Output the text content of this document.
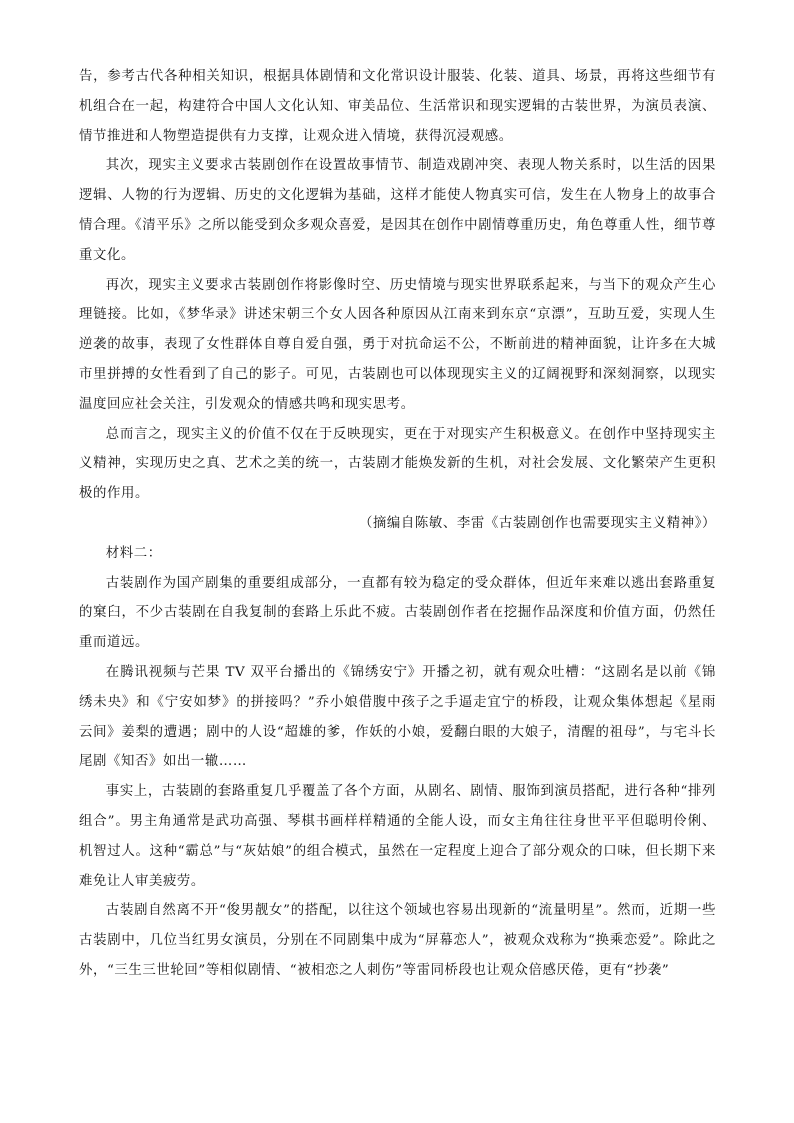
告，参考古代各种相关知识，根据具体剧情和文化常识设计服装、化装、道具、场景，再将这些细节有机组合在一起，构建符合中国人文化认知、审美品位、生活常识和现实逻辑的古装世界，为演员表演、情节推进和人物塑造提供有力支撑，让观众进入情境，获得沉浸观感。

其次，现实主义要求古装剧创作在设置故事情节、制造戏剧冲突、表现人物关系时，以生活的因果逻辑、人物的行为逻辑、历史的文化逻辑为基础，这样才能使人物真实可信，发生在人物身上的故事合情合理。《清平乐》之所以能受到众多观众喜爱，是因其在创作中剧情尊重历史，角色尊重人性，细节尊重文化。

再次，现实主义要求古装剧创作将影像时空、历史情境与现实世界联系起来，与当下的观众产生心理链接。比如，《梦华录》讲述宋朝三个女人因各种原因从江南来到东京“京漂”，互助互爱，实现人生逆袭的故事，表现了女性群体自尊自爱自强，勇于对抗命运不公，不断前进的精神面貌，让许多在大城市里拼搏的女性看到了自己的影子。可见，古装剧也可以体现现实主义的辽阔视野和深刻洞察，以现实温度回应社会关注，引发观众的情感共鸣和现实思考。

总而言之，现实主义的价值不仅在于反映现实，更在于对现实产生积极意义。在创作中坚持现实主义精神，实现历史之真、艺术之美的统一，古装剧才能焕发新的生机，对社会发展、文化繁荣产生更积极的作用。

（摘编自陈敏、李雷《古装剧创作也需要现实主义精神》）

材料二：

古装剧作为国产剧集的重要组成部分，一直都有较为稳定的受众群体，但近年来难以逃出套路重复的窠臼，不少古装剧在自我复制的套路上乐此不疲。古装剧创作者在挖掘作品深度和价值方面，仍然任重而道远。

在腾讯视频与芒果 TV 双平台播出的《锦绣安宁》开播之初，就有观众吐槽：“这剧名是以前《锦绣未央》和《宁安如梦》的拼接吗？”乔小娘借腹中孩子之手逼走宜宁的桥段，让观众集体想起《星雨云间》姜梨的遭遇；剧中的人设“超雄的爹，作妖的小娘，爱翻白眼的大娘子，清醒的祖母”，与宅斗长尾剧《知否》如出一辙……

事实上，古装剧的套路重复几乎覆盖了各个方面，从剧名、剧情、服饰到演员搭配，进行各种“排列组合”。男主角通常是武功高强、琴棋书画样样精通的全能人设，而女主角往往身世平平但聪明伶俐、机智过人。这种“霸总”与“灰姑娘”的组合模式，虽然在一定程度上迎合了部分观众的口味，但长期下来难免让人审美疲劳。

古装剧自然离不开“俊男靓女”的搭配，以往这个领域也容易出现新的“流量明星”。然而，近期一些古装剧中，几位当红男女演员，分别在不同剧集中成为“屏幕恋人”，被观众戏称为“换乘恋爱”。除此之外，“三生三世轮回”等相似剧情、“被相恋之人刺伤”等雷同桥段也让观众倍感厌倦，更有“抄袭”
